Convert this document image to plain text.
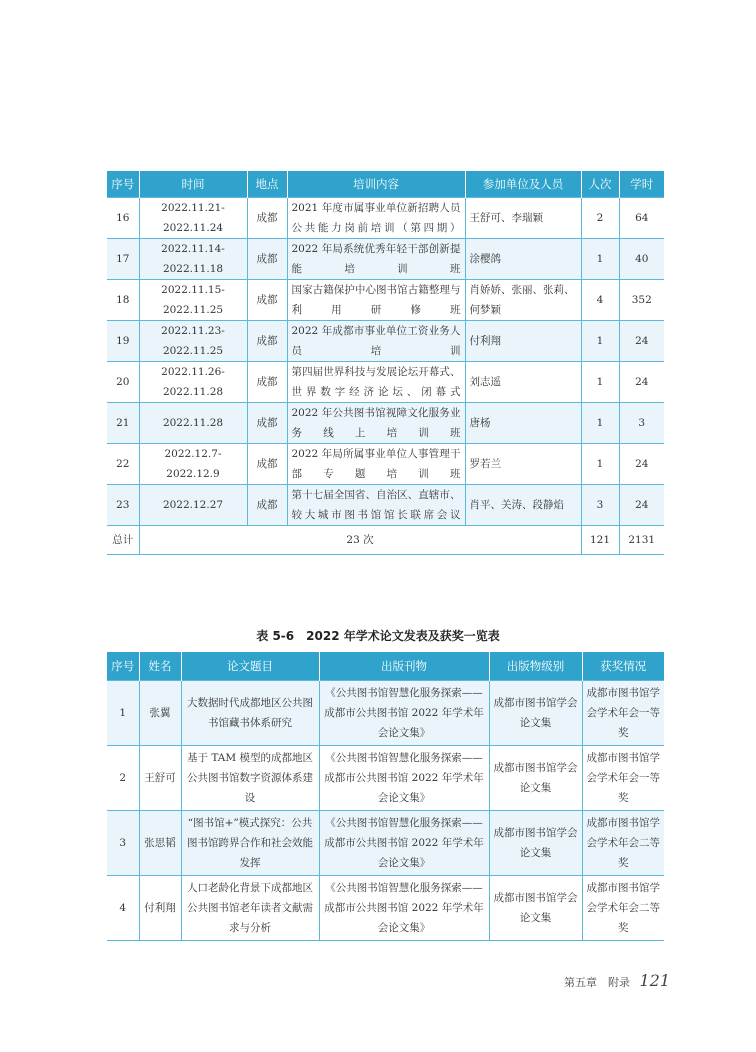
序号	时间	地点	培训内容	参加单位及人员	人次	学时
16	2022.11.21-2022.11.24	成都	2021 年度市属事业单位新招聘人员公共能力岗前培训（第四期）	王舒可、李瑞颖	2	64
17	2022.11.14-2022.11.18	成都	2022 年局系统优秀年轻干部创新提能培训班	涂樱鸽	1	40
18	2022.11.15-2022.11.25	成都	国家古籍保护中心图书馆古籍整理与利用研修班	肖娇娇、张丽、张莉、何梦颖	4	352
19	2022.11.23-2022.11.25	成都	2022 年成都市事业单位工资业务人员培训	付利翔	1	24
20	2022.11.26-2022.11.28	成都	第四届世界科技与发展论坛开幕式、世界数字经济论坛、闭幕式	刘志遥	1	24
21	2022.11.28	成都	2022 年公共图书馆视障文化服务业务线上培训班	唐杨	1	3
22	2022.12.7-2022.12.9	成都	2022 年局所属事业单位人事管理干部专题培训班	罗若兰	1	24
23	2022.12.27	成都	第十七届全国省、自治区、直辖市、较大城市图书馆馆长联席会议	肖平、关涛、段静焰	3	24
总计	23 次				121	2131
表 5-6　2022 年学术论文发表及获奖一览表
序号	姓名	论文题目	出版刊物	出版物级别	获奖情况
1	张翼	大数据时代成都地区公共图书馆藏书体系研究	《公共图书馆智慧化服务探索——成都市公共图书馆 2022 年学术年会论文集》	成都市图书馆学会论文集	成都市图书馆学会学术年会一等奖
2	王舒可	基于 TAM 模型的成都地区公共图书馆数字资源体系建设	《公共图书馆智慧化服务探索——成都市公共图书馆 2022 年学术年会论文集》	成都市图书馆学会论文集	成都市图书馆学会学术年会一等奖
3	张思韬	“图书馆+”模式探究：公共图书馆跨界合作和社会效能发挥	《公共图书馆智慧化服务探索——成都市公共图书馆 2022 年学术年会论文集》	成都市图书馆学会论文集	成都市图书馆学会学术年会二等奖
4	付利翔	人口老龄化背景下成都地区公共图书馆老年读者文献需求与分析	《公共图书馆智慧化服务探索——成都市公共图书馆 2022 年学术年会论文集》	成都市图书馆学会论文集	成都市图书馆学会学术年会二等奖
第五章　附录 121
